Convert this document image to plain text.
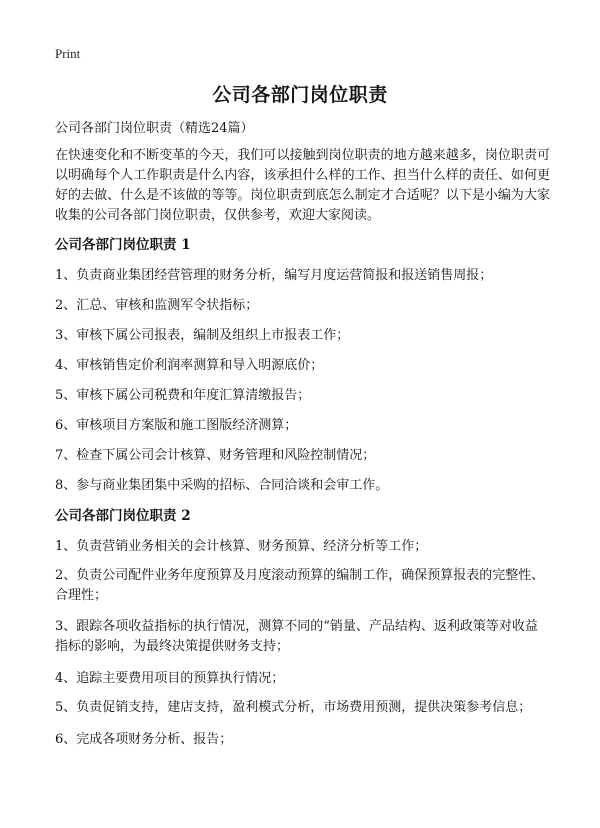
Print
公司各部门岗位职责

公司各部门岗位职责（精选24篇）

在快速变化和不断变革的今天，我们可以接触到岗位职责的地方越来越多，岗位职责可以明确每个人工作职责是什么内容，该承担什么样的工作、担当什么样的责任、如何更好的去做、什么是不该做的等等。岗位职责到底怎么制定才合适呢？以下是小编为大家收集的公司各部门岗位职责，仅供参考，欢迎大家阅读。

公司各部门岗位职责 1

1、负责商业集团经营管理的财务分析，编写月度运营简报和报送销售周报；

2、汇总、审核和监测军令状指标；

3、审核下属公司报表，编制及组织上市报表工作；

4、审核销售定价利润率测算和导入明源底价；

5、审核下属公司税费和年度汇算清缴报告；

6、审核项目方案版和施工图版经济测算；

7、检查下属公司会计核算、财务管理和风险控制情况；

8、参与商业集团集中采购的招标、合同洽谈和会审工作。

公司各部门岗位职责 2

1、负责营销业务相关的会计核算、财务预算、经济分析等工作；

2、负责公司配件业务年度预算及月度滚动预算的编制工作，确保预算报表的完整性、合理性；

3、跟踪各项收益指标的执行情况，测算不同的“销量、产品结构、返利政策等对收益指标的影响，为最终决策提供财务支持；

4、追踪主要费用项目的预算执行情况；

5、负责促销支持，建店支持，盈利模式分析，市场费用预测，提供决策参考信息；

6、完成各项财务分析、报告；
